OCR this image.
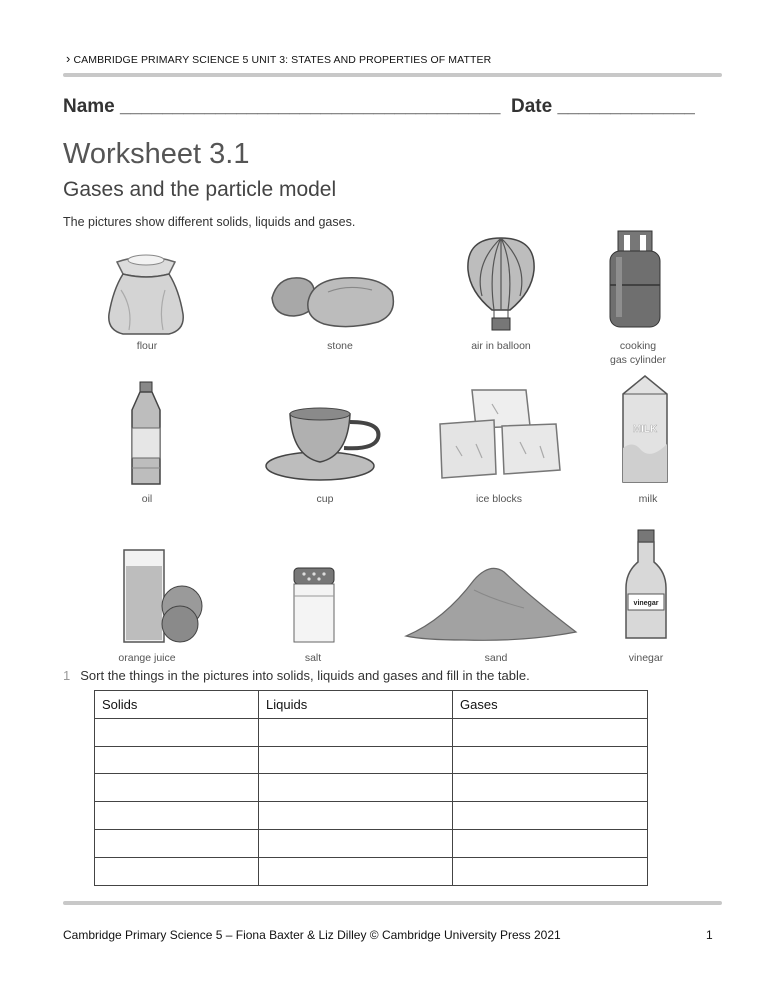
› CAMBRIDGE PRIMARY SCIENCE 5 UNIT 3: STATES AND PROPERTIES OF MATTER
Name ____________________________________  Date _____________
Worksheet 3.1
Gases and the particle model
The pictures show different solids, liquids and gases.
flour	stone	air in balloon	cooking
gas cylinder
oil	cup	ice blocks
MILK
milk
orange juice	salt	sand
vinegar
vinegar
1 Sort the things in the pictures into solids, liquids and gases and fill in the table.
Solids	Liquids	Gases

Cambridge Primary Science 5 – Fiona Baxter & Liz Dilley © Cambridge University Press 2021	1
